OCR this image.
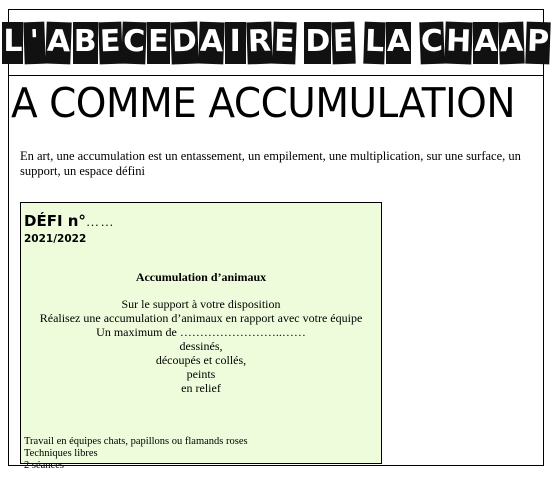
L ' A B E C E D A I R E D E L A C H A A P
A COMME ACCUMULATION
En art, une accumulation est un entassement, un empilement, une multiplication, sur une surface, un support, un espace défini
DÉFI n°……
2021/2022
Accumulation d’animaux
Sur le support à votre disposition
Réalisez une accumulation d’animaux en rapport avec votre équipe
Un maximum de ……………………..……
dessinés,
découpés et collés,
peints
en relief
Travail en équipes chats, papillons ou flamands roses
Techniques libres
2 séances
